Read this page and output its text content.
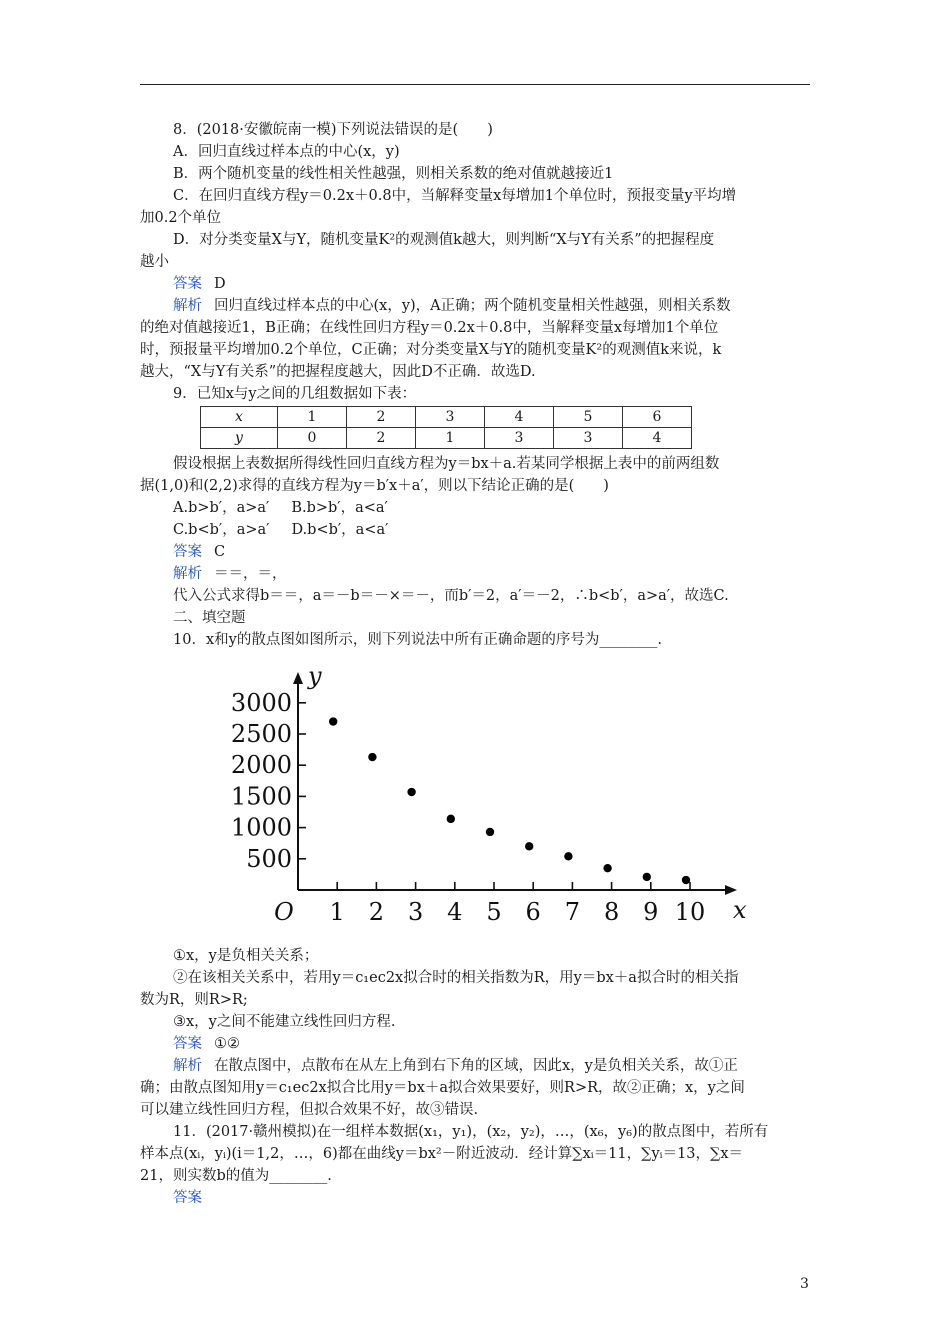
8．(2018·安徽皖南一模)下列说法错误的是(　　)
A．回归直线过样本点的中心(x，y)
B．两个随机变量的线性相关性越强，则相关系数的绝对值就越接近1
C．在回归直线方程y＝0.2x＋0.8中，当解释变量x每增加1个单位时，预报变量y平均增
加0.2个单位
D．对分类变量X与Y，随机变量K²的观测值k越大，则判断“X与Y有关系”的把握程度
越小
答案 D
解析 回归直线过样本点的中心(x，y)，A正确；两个随机变量相关性越强，则相关系数
的绝对值越接近1，B正确；在线性回归方程y＝0.2x＋0.8中，当解释变量x每增加1个单位
时，预报量平均增加0.2个单位，C正确；对分类变量X与Y的随机变量K²的观测值k来说，k
越大，“X与Y有关系”的把握程度越大，因此D不正确．故选D.
9．已知x与y之间的几组数据如下表：
x	1	2	3	4	5	6
y	0	2	1	3	3	4
假设根据上表数据所得线性回归直线方程为y＝bx＋a.若某同学根据上表中的前两组数
据(1,0)和(2,2)求得的直线方程为y＝b′x＋a′，则以下结论正确的是(　　)
A.b>b′，a>a′ B.b>b′，a<a′
C.b<b′，a>a′ D.b<b′，a<a′
答案 C
解析 ＝＝，＝，
代入公式求得b＝＝，a＝－b＝－×＝－，而b′＝2，a′＝－2，∴b<b′，a>a′，故选C.
二、填空题
10．x和y的散点图如图所示，则下列说法中所有正确命题的序号为________.
y
x
O
500
1000
1500
2000
2500
3000
1 2 3 4 5 6 7 8 9 10
①x，y是负相关关系；
②在该相关关系中，若用y＝c₁ec2x拟合时的相关指数为R，用y＝bx＋a拟合时的相关指
数为R，则R>R;
③x，y之间不能建立线性回归方程.
答案 ①②
解析 在散点图中，点散布在从左上角到右下角的区域，因此x，y是负相关关系，故①正
确；由散点图知用y＝c₁ec2x拟合比用y＝bx＋a拟合效果要好，则R>R，故②正确；x，y之间
可以建立线性回归方程，但拟合效果不好，故③错误.
11．(2017·赣州模拟)在一组样本数据(x₁，y₁)，(x₂，y₂)，…，(x₆，y₆)的散点图中，若所有
样本点(xᵢ，yᵢ)(i＝1,2，…，6)都在曲线y＝bx²－附近波动．经计算∑xᵢ＝11，∑yᵢ＝13，∑x＝
21，则实数b的值为________.
答案
3
